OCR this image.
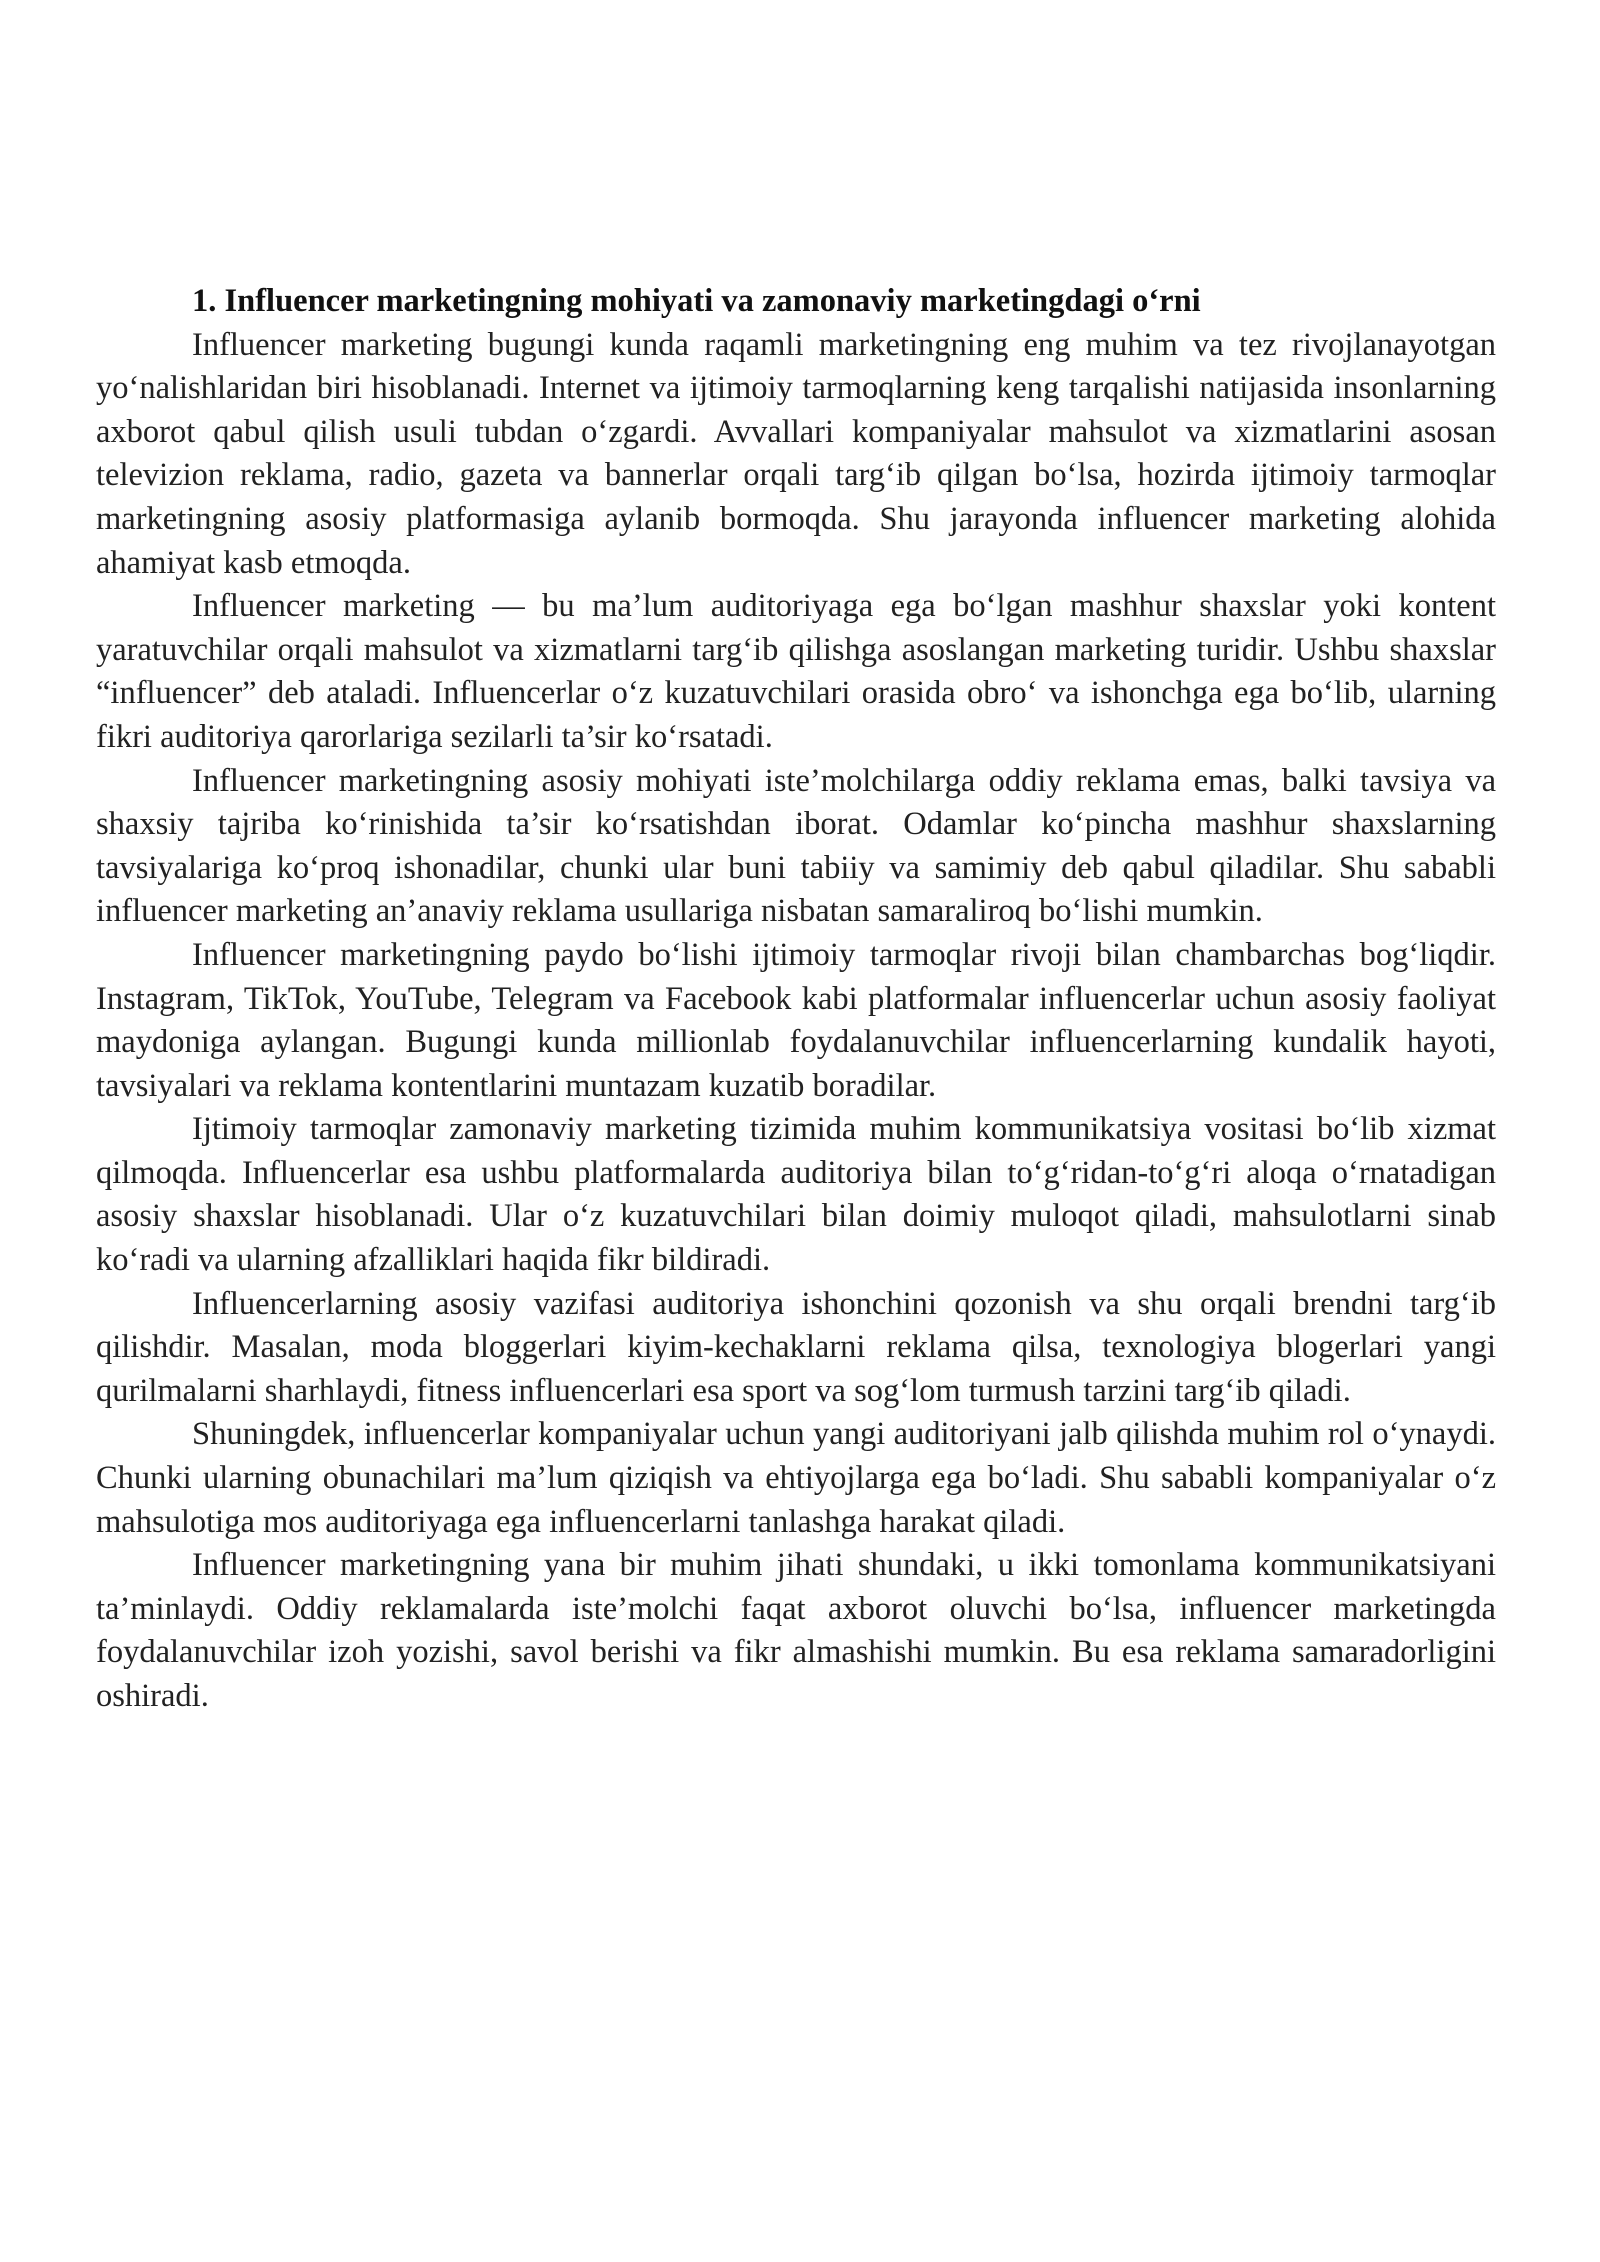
1. Influencer marketingning mohiyati va zamonaviy marketingdagi o‘rni

Influencer marketing bugungi kunda raqamli marketingning eng muhim va tez rivojlanayotgan yo‘nalishlaridan biri hisoblanadi. Internet va ijtimoiy tarmoqlarning keng tarqalishi natijasida insonlarning axborot qabul qilish usuli tubdan o‘zgardi. Avvallari kompaniyalar mahsulot va xizmatlarini asosan televizion reklama, radio, gazeta va bannerlar orqali targ‘ib qilgan bo‘lsa, hozirda ijtimoiy tarmoqlar marketingning asosiy platformasiga aylanib bormoqda. Shu jarayonda influencer marketing alohida ahamiyat kasb etmoqda.

Influencer marketing — bu ma’lum auditoriyaga ega bo‘lgan mashhur shaxslar yoki kontent yaratuvchilar orqali mahsulot va xizmatlarni targ‘ib qilishga asoslangan marketing turidir. Ushbu shaxslar “influencer” deb ataladi. Influencerlar o‘z kuzatuvchilari orasida obro‘ va ishonchga ega bo‘lib, ularning fikri auditoriya qarorlariga sezilarli ta’sir ko‘rsatadi.

Influencer marketingning asosiy mohiyati iste’molchilarga oddiy reklama emas, balki tavsiya va shaxsiy tajriba ko‘rinishida ta’sir ko‘rsatishdan iborat. Odamlar ko‘pincha mashhur shaxslarning tavsiyalariga ko‘proq ishonadilar, chunki ular buni tabiiy va samimiy deb qabul qiladilar. Shu sababli influencer marketing an’anaviy reklama usullariga nisbatan samaraliroq bo‘lishi mumkin.

Influencer marketingning paydo bo‘lishi ijtimoiy tarmoqlar rivoji bilan chambarchas bog‘liqdir. Instagram, TikTok, YouTube, Telegram va Facebook kabi platformalar influencerlar uchun asosiy faoliyat maydoniga aylangan. Bugungi kunda millionlab foydalanuvchilar influencerlarning kundalik hayoti, tavsiyalari va reklama kontentlarini muntazam kuzatib boradilar.

Ijtimoiy tarmoqlar zamonaviy marketing tizimida muhim kommunikatsiya vositasi bo‘lib xizmat qilmoqda. Influencerlar esa ushbu platformalarda auditoriya bilan to‘g‘ridan-to‘g‘ri aloqa o‘rnatadigan asosiy shaxslar hisoblanadi. Ular o‘z kuzatuvchilari bilan doimiy muloqot qiladi, mahsulotlarni sinab ko‘radi va ularning afzalliklari haqida fikr bildiradi.

Influencerlarning asosiy vazifasi auditoriya ishonchini qozonish va shu orqali brendni targ‘ib qilishdir. Masalan, moda bloggerlari kiyim-kechaklarni reklama qilsa, texnologiya blogerlari yangi qurilmalarni sharhlaydi, fitness influencerlari esa sport va sog‘lom turmush tarzini targ‘ib qiladi.

Shuningdek, influencerlar kompaniyalar uchun yangi auditoriyani jalb qilishda muhim rol o‘ynaydi. Chunki ularning obunachilari ma’lum qiziqish va ehtiyojlarga ega bo‘ladi. Shu sababli kompaniyalar o‘z mahsulotiga mos auditoriyaga ega influencerlarni tanlashga harakat qiladi.

Influencer marketingning yana bir muhim jihati shundaki, u ikki tomonlama kommunikatsiyani ta’minlaydi. Oddiy reklamalarda iste’molchi faqat axborot oluvchi bo‘lsa, influencer marketingda foydalanuvchilar izoh yozishi, savol berishi va fikr almashishi mumkin. Bu esa reklama samaradorligini oshiradi.
